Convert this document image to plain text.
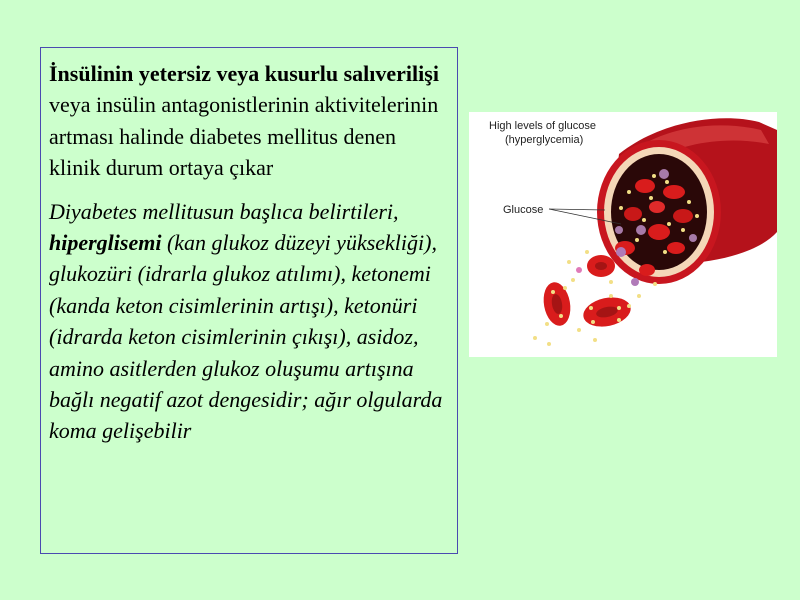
İnsülinin yetersiz veya kusurlu salıverilişi veya insülin antagonistlerinin aktivitelerinin artması halinde diabetes mellitus denen klinik durum ortaya çıkar

Diyabetes mellitusun başlıca belirtileri, hiperglisemi (kan glukoz düzeyi yüksekliği), glukozüri (idrarla glukoz atılımı), ketonemi (kanda keton cisimlerinin artışı), ketonüri (idrarda keton cisimlerinin çıkışı), asidoz, amino asitlerden glukoz oluşumu artışına bağlı negatif azot dengesidir; ağır olgularda koma gelişebilir

High levels of glucose
(hyperglycemia)
Glucose
